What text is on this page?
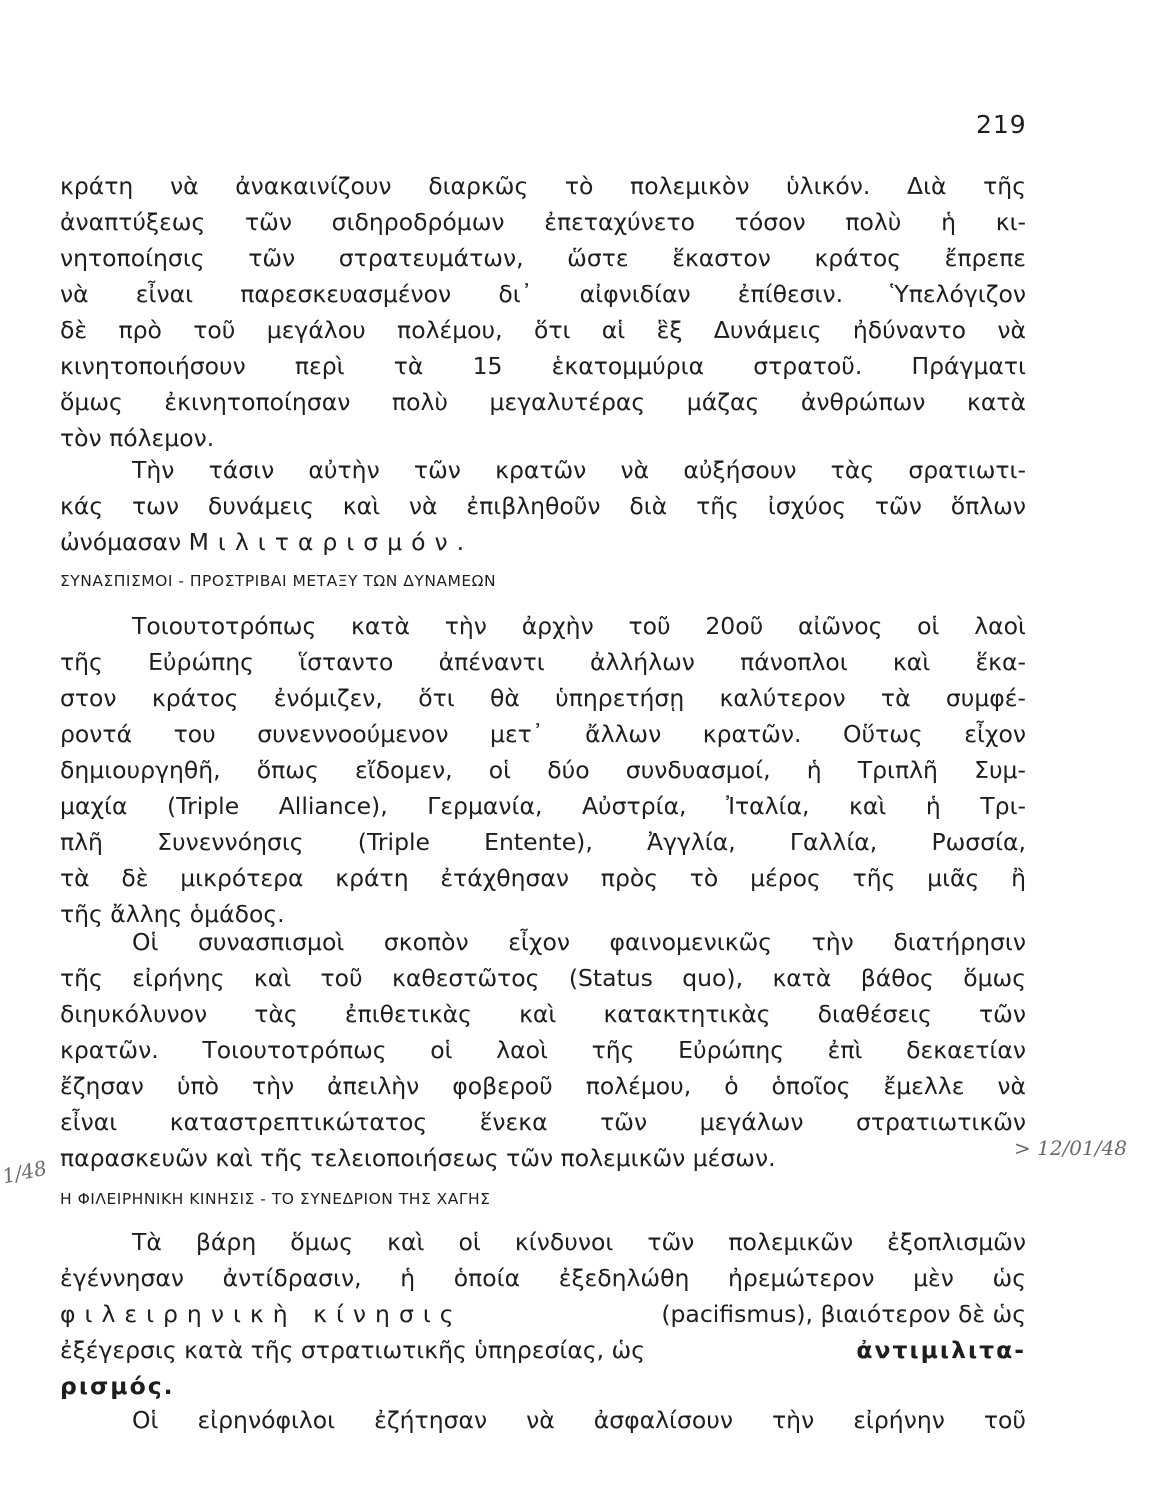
219
κράτη νὰ ἀνακαινίζουν διαρκῶς τὸ πολεμικὸν ὑλικόν. Διὰ τῆς
ἀναπτύξεως τῶν σιδηροδρόμων ἐπεταχύνετο τόσον πολὺ ἡ κι-
νητοποίησις τῶν στρατευμάτων, ὥστε ἕκαστον κράτος ἔπρεπε
νὰ εἶναι παρεσκευασμένον δι᾿ αἰφνιδίαν ἐπίθεσιν. Ὑπελόγιζον
δὲ πρὸ τοῦ μεγάλου πολέμου, ὅτι αἱ ἓξ Δυνάμεις ἠδύναντο νὰ
κινητοποιήσουν περὶ τὰ 15 ἑκατομμύρια στρατοῦ. Πράγματι
ὅμως ἐκινητοποίησαν πολὺ μεγαλυτέρας μάζας ἀνθρώπων κατὰ
τὸν πόλεμον.
Τὴν τάσιν αὐτὴν τῶν κρατῶν νὰ αὐξήσουν τὰς σρατιωτι-
κάς των δυνάμεις καὶ νὰ ἐπιβληθοῦν διὰ τῆς ἰσχύος τῶν ὅπλων
ὠνόμασαν Μιλιταρισμόν.
ΣΥΝΑΣΠΙΣΜΟΙ - ΠΡΟΣΤΡΙΒΑΙ ΜΕΤΑΞΥ ΤΩΝ ΔΥΝΑΜΕΩΝ
Τοιουτοτρόπως κατὰ τὴν ἀρχὴν τοῦ 20οῦ αἰῶνος οἱ λαοὶ
τῆς Εὐρώπης ἵσταντο ἀπέναντι ἀλλήλων πάνοπλοι καὶ ἕκα-
στον κράτος ἐνόμιζεν, ὅτι θὰ ὑπηρετήσῃ καλύτερον τὰ συμφέ-
ροντά του συνεννοούμενον μετ᾿ ἄλλων κρατῶν. Οὕτως εἶχον
δημιουργηθῆ, ὅπως εἴδομεν, οἱ δύο συνδυασμοί, ἡ Τριπλῆ Συμ-
μαχία (Triple Alliance), Γερμανία, Αὐστρία, Ἰταλία, καὶ ἡ Τρι-
πλῆ Συνεννόησις (Triple Entente), Ἀγγλία, Γαλλία, Ρωσσία,
τὰ δὲ μικρότερα κράτη ἐτάχθησαν πρὸς τὸ μέρος τῆς μιᾶς ἢ
τῆς ἄλλης ὁμάδος.
Οἱ συνασπισμοὶ σκοπὸν εἶχον φαινομενικῶς τὴν διατήρησιν
τῆς εἰρήνης καὶ τοῦ καθεστῶτος (Status quo), κατὰ βάθος ὅμως
διηυκόλυνον τὰς ἐπιθετικὰς καὶ κατακτητικὰς διαθέσεις τῶν
κρατῶν. Τοιουτοτρόπως οἱ λαοὶ τῆς Εὐρώπης ἐπὶ δεκαετίαν
ἔζησαν ὑπὸ τὴν ἀπειλὴν φοβεροῦ πολέμου, ὁ ὁποῖος ἔμελλε νὰ
εἶναι καταστρεπτικώτατος ἕνεκα τῶν μεγάλων στρατιωτικῶν
παρασκευῶν καὶ τῆς τελειοποιήσεως τῶν πολεμικῶν μέσων.	> 12/01/48
1/48
Η ΦΙΛΕΙΡΗΝΙΚΗ ΚΙΝΗΣΙΣ - ΤΟ ΣΥΝΕΔΡΙΟΝ ΤΗΣ ΧΑΓΗΣ
Τὰ βάρη ὅμως καὶ οἱ κίνδυνοι τῶν πολεμικῶν ἐξοπλισμῶν
ἐγέννησαν ἀντίδρασιν, ἡ ὁποία ἐξεδηλώθη ἠρεμώτερον μὲν ὡς
φιλειρηνικὴ κίνησις	(pacifismus), βιαιότερον δὲ ὡς
ἐξέγερσις κατὰ τῆς στρατιωτικῆς ὑπηρεσίας, ὡς	ἀντιμιλιτα-
ρισμός.
Οἱ εἰρηνόφιλοι ἐζήτησαν νὰ ἀσφαλίσουν τὴν εἰρήνην τοῦ
